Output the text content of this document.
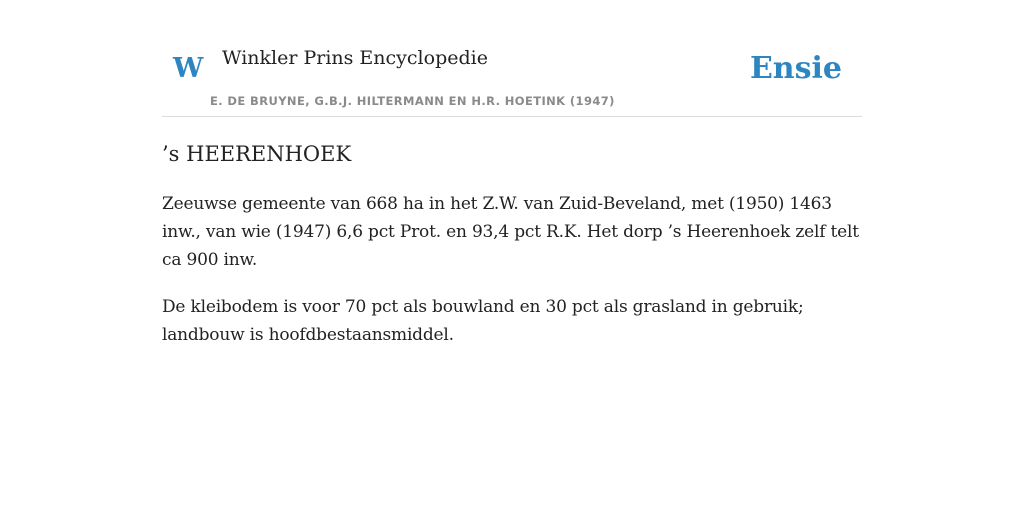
W Winkler Prins Encyclopedie
E. DE BRUYNE, G.B.J. HILTERMANN EN H.R. HOETINK (1947)
Ensie
’s HEERENHOEK

Zeeuwse gemeente van 668 ha in het Z.W. van Zuid-Beveland, met (1950) 1463 inw., van wie (1947) 6,6 pct Prot. en 93,4 pct R.K. Het dorp ’s Heerenhoek zelf telt ca 900 inw.

De kleibodem is voor 70 pct als bouwland en 30 pct als grasland in gebruik; landbouw is hoofdbestaansmiddel.
